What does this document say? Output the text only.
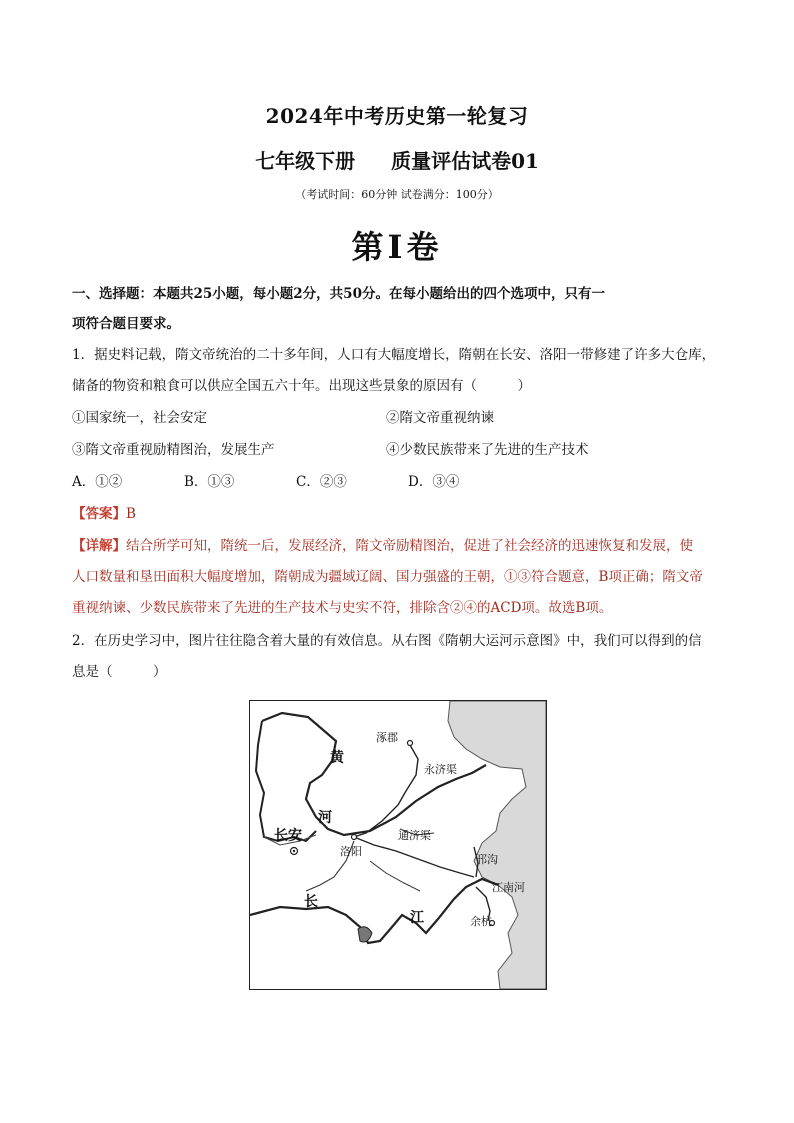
2024年中考历史第一轮复习
七年级下册 质量评估试卷01
（考试时间：60分钟 试卷满分：100分）
第Ⅰ卷
一、选择题：本题共25小题，每小题2分，共50分。在每小题给出的四个选项中，只有一
项符合题目要求。
1．据史料记载，隋文帝统治的二十多年间，人口有大幅度增长，隋朝在长安、洛阳一带修建了许多大仓库，
储备的物资和粮食可以供应全国五六十年。出现这些景象的原因有（　　　）
①国家统一，社会安定	②隋文帝重视纳谏
③隋文帝重视励精图治，发展生产	④少数民族带来了先进的生产技术
A．①②	B．①③	C．②③	D．③④
【答案】B
【详解】结合所学可知，隋统一后，发展经济，隋文帝励精图治，促进了社会经济的迅速恢复和发展，使
人口数量和垦田面积大幅度增加，隋朝成为疆域辽阔、国力强盛的王朝，①③符合题意，B项正确；隋文帝
重视纳谏、少数民族带来了先进的生产技术与史实不符，排除含②④的ACD项。故选B项。
2．在历史学习中，图片往往隐含着大量的有效信息。从右图《隋朝大运河示意图》中，我们可以得到的信
息是（　　　）
涿郡
永济渠
黄
河
长安
洛阳
通济渠
邗沟
江南河
余杭
长
江
